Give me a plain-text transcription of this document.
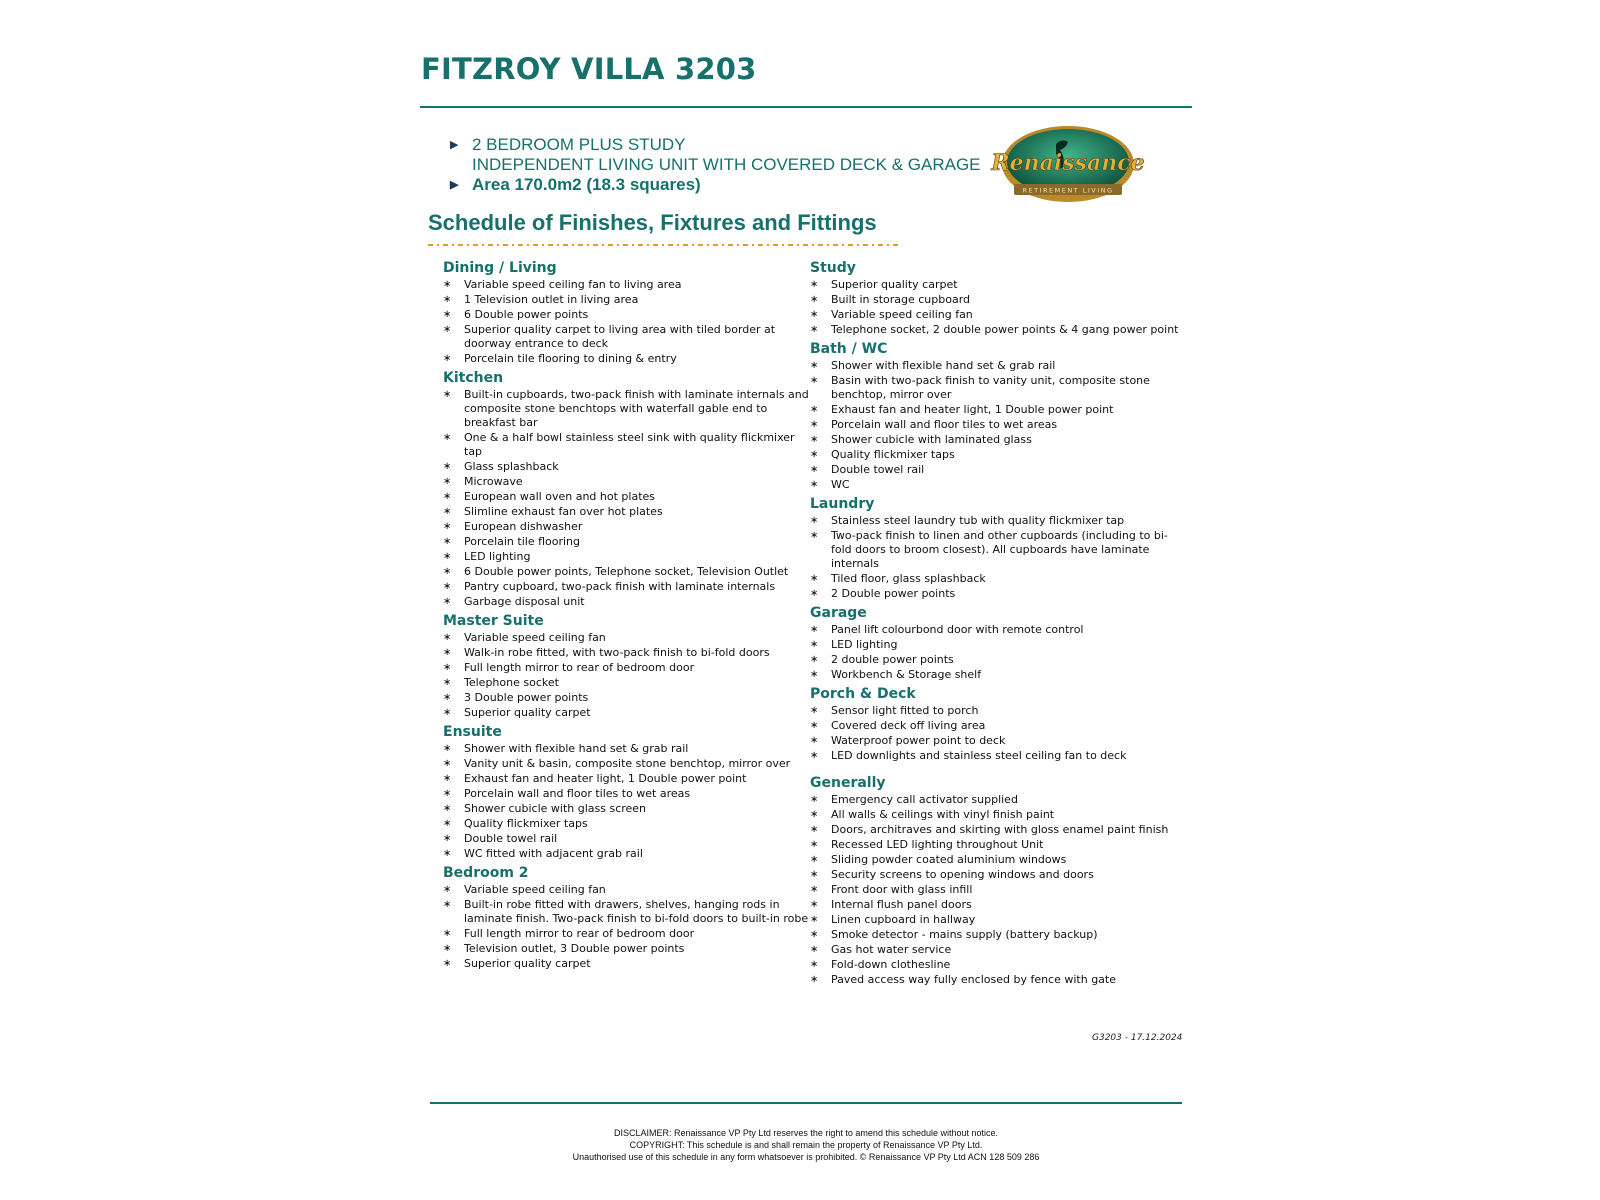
FITZROY VILLA 3203
▶ 2 BEDROOM PLUS STUDY
INDEPENDENT LIVING UNIT WITH COVERED DECK & GARAGE
▶ Area 170.0m2 (18.3 squares)
Renaissance
RETIREMENT LIVING
Schedule of Finishes, Fixtures and Fittings
Dining / Living
∗ Variable speed ceiling fan to living area
∗ 1 Television outlet in living area
∗ 6 Double power points
∗ Superior quality carpet to living area with tiled border at doorway entrance to deck
∗ Porcelain tile flooring to dining & entry
Kitchen
∗ Built-in cupboards, two-pack finish with laminate internals and composite stone benchtops with waterfall gable end to breakfast bar
∗ One & a half bowl stainless steel sink with quality flickmixer tap
∗ Glass splashback
∗ Microwave
∗ European wall oven and hot plates
∗ Slimline exhaust fan over hot plates
∗ European dishwasher
∗ Porcelain tile flooring
∗ LED lighting
∗ 6 Double power points, Telephone socket, Television Outlet
∗ Pantry cupboard, two-pack finish with laminate internals
∗ Garbage disposal unit
Master Suite
∗ Variable speed ceiling fan
∗ Walk-in robe fitted, with two-pack finish to bi-fold doors
∗ Full length mirror to rear of bedroom door
∗ Telephone socket
∗ 3 Double power points
∗ Superior quality carpet
Ensuite
∗ Shower with flexible hand set & grab rail
∗ Vanity unit & basin, composite stone benchtop, mirror over
∗ Exhaust fan and heater light, 1 Double power point
∗ Porcelain wall and floor tiles to wet areas
∗ Shower cubicle with glass screen
∗ Quality flickmixer taps
∗ Double towel rail
∗ WC fitted with adjacent grab rail
Bedroom 2
∗ Variable speed ceiling fan
∗ Built-in robe fitted with drawers, shelves, hanging rods in laminate finish. Two-pack finish to bi-fold doors to built-in robe
∗ Full length mirror to rear of bedroom door
∗ Television outlet, 3 Double power points
∗ Superior quality carpet
Study
∗ Superior quality carpet
∗ Built in storage cupboard
∗ Variable speed ceiling fan
∗ Telephone socket, 2 double power points & 4 gang power point
Bath / WC
∗ Shower with flexible hand set & grab rail
∗ Basin with two-pack finish to vanity unit, composite stone benchtop, mirror over
∗ Exhaust fan and heater light, 1 Double power point
∗ Porcelain wall and floor tiles to wet areas
∗ Shower cubicle with laminated glass
∗ Quality flickmixer taps
∗ Double towel rail
∗ WC
Laundry
∗ Stainless steel laundry tub with quality flickmixer tap
∗ Two-pack finish to linen and other cupboards (including to bi-fold doors to broom closest). All cupboards have laminate internals
∗ Tiled floor, glass splashback
∗ 2 Double power points
Garage
∗ Panel lift colourbond door with remote control
∗ LED lighting
∗ 2 double power points
∗ Workbench & Storage shelf
Porch & Deck
∗ Sensor light fitted to porch
∗ Covered deck off living area
∗ Waterproof power point to deck
∗ LED downlights and stainless steel ceiling fan to deck
Generally
∗ Emergency call activator supplied
∗ All walls & ceilings with vinyl finish paint
∗ Doors, architraves and skirting with gloss enamel paint finish
∗ Recessed LED lighting throughout Unit
∗ Sliding powder coated aluminium windows
∗ Security screens to opening windows and doors
∗ Front door with glass infill
∗ Internal flush panel doors
∗ Linen cupboard in hallway
∗ Smoke detector - mains supply (battery backup)
∗ Gas hot water service
∗ Fold-down clothesline
∗ Paved access way fully enclosed by fence with gate
G3203 - 17.12.2024
DISCLAIMER: Renaissance VP Pty Ltd reserves the right to amend this schedule without notice.
COPYRIGHT: This schedule is and shall remain the property of Renaissance VP Pty Ltd.
Unauthorised use of this schedule in any form whatsoever is prohibited. © Renaissance VP Pty Ltd ACN 128 509 286
